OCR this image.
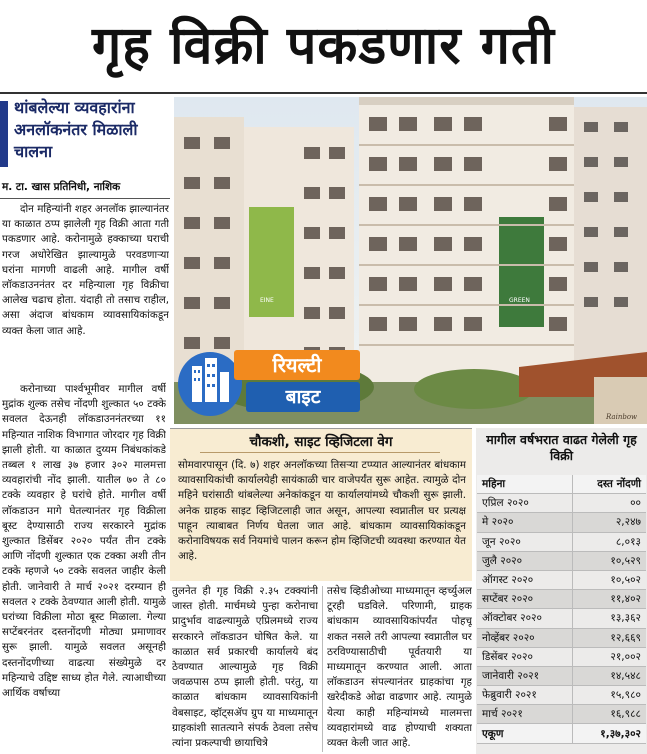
गृह विक्री पकडणार गती
थांबलेल्या व्यवहारांना अनलॉकनंतर मिळाली चालना
म. टा. खास प्रतिनिधी, नाशिक

दोन महिन्यांनी शहर अनलॉक झाल्यानंतर या काळात ठप्प झालेली गृह विक्री आता गती पकडणार आहे. करोनामुळे हक्काच्या घराची गरज अधोरेखित झाल्यामुळे परवडणाऱ्या घरांना मागणी वाढली आहे. मागील वर्षी लॉकडाउननंतर दर महिन्याला गृह विक्रीचा आलेख चढाच होता. यंदाही तो तसाच राहील, असा अंदाज बांधकाम व्यावसायिकांकडून व्यक्त केला जात आहे.

करोनाच्या पार्श्वभूमीवर मागील वर्षी मुद्रांक शुल्क तसेच नोंदणी शुल्कात ५० टक्के सवलत देऊनही लॉकडाउननंतरच्या ११ महिन्यात नाशिक विभागात जोरदार गृह विक्री झाली होती. या काळात दुय्यम निबंधकांकडे तब्बल १ लाख ३७ हजार ३०२ मालमत्ता व्यवहारांची नोंद झाली. यातील ७० ते ८० टक्के व्यवहार हे घरांचे होते. मागील वर्षी लॉकडाउन मागे घेतल्यानंतर गृह विक्रीला बूस्ट देण्यासाठी राज्य सरकारने मुद्रांक शुल्कात डिसेंबर २०२० पर्यंत तीन टक्के आणि नोंदणी शुल्कात एक टक्का अशी तीन टक्के म्हणजे ५० टक्के सवलत जाहीर केली होती. जानेवारी ते मार्च २०२१ दरम्यान ही सवलत २ टक्के ठेवण्यात आली होती. यामुळे घरांच्या विक्रीला मोठा बूस्ट मिळाला. गेल्या सप्टेंबरनंतर दस्तनोंदणी मोठ्या प्रमाणावर सुरू झाली. यामुळे सवलत असूनही दस्तनोंदणीच्या वाढत्या संख्येमुळे दर महिन्याचे उद्दिष्ट साध्य होत गेले. त्याआधीच्या आर्थिक वर्षाच्या

EINE	GREEN
Rainbow
रियल्टी
बाइट
चौकशी, साइट व्हिजिटला वेग

सोमवारपासून (दि. ७) शहर अनलॉकच्या तिसऱ्या टप्प्यात आल्यानंतर बांधकाम व्यावसायिकांची कार्यालयेही सायंकाळी चार वाजेपर्यंत सुरू आहेत. त्यामुळे दोन महिने घरांसाठी थांबलेल्या अनेकांकडून या कार्यालयांमध्ये चौकशी सुरू झाली. अनेक ग्राहक साइट व्हिजिटलाही जात असून, आपल्या स्वप्नातील घर प्रत्यक्ष पाहून त्याबाबत निर्णय घेतला जात आहे. बांधकाम व्यावसायिकांकडून करोनाविषयक सर्व नियमांचे पालन करून होम व्हिजिटची व्यवस्था करण्यात येत आहे.

तुलनेत ही गृह विक्री २.३५ टक्क्यांनी जास्त होती. मार्चमध्ये पुन्हा करोनाचा प्रादुर्भाव वाढल्यामुळे एप्रिलमध्ये राज्य सरकारने लॉकडाउन घोषित केले. या काळात सर्व प्रकारची कार्यालये बंद ठेवण्यात आल्यामुळे गृह विक्री जवळपास ठप्प झाली होती. परंतु, या काळात बांधकाम व्यावसायिकांनी वेबसाइट, व्हॉट्सॲप ग्रुप या माध्यमातून ग्राहकांशी सातत्याने संपर्क ठेवला तसेच त्यांना प्रकल्पाची छायाचित्रे

तसेच व्हिडीओच्या माध्यमातून व्हर्च्युअल टूरही घडविले. परिणामी, ग्राहक बांधकाम व्यावसायिकांपर्यंत पोहचू शकत नसले तरी आपल्या स्वप्नातील घर ठरविण्यासाठीची पूर्वतयारी या माध्यमातून करण्यात आली. आता लॉकडाउन संपल्यानंतर ग्राहकांचा गृह खरेदीकडे ओढा वाढणार आहे. त्यामुळे येत्या काही महिन्यांमध्ये मालमत्ता व्यवहारांमध्ये वाढ होण्याची शक्यता व्यक्त केली जात आहे.

मागील वर्षभरात वाढत गेलेली गृह विक्री
महिना	दस्त नोंदणी
एप्रिल २०२०	००
मे २०२०	२,२४७
जून २०२०	८,०१३
जुलै २०२०	१०,५२९
ऑगस्ट २०२०	१०,५०२
सप्टेंबर २०२०	११,४०२
ऑक्टोबर २०२०	१३,३६२
नोव्हेंबर २०२०	१२,६६९
डिसेंबर २०२०	२१,००२
जानेवारी २०२१	१४,५४८
फेब्रुवारी २०२१	१५,९८०
मार्च २०२१	१६,९८८
एकूण	१,३७,३०२
